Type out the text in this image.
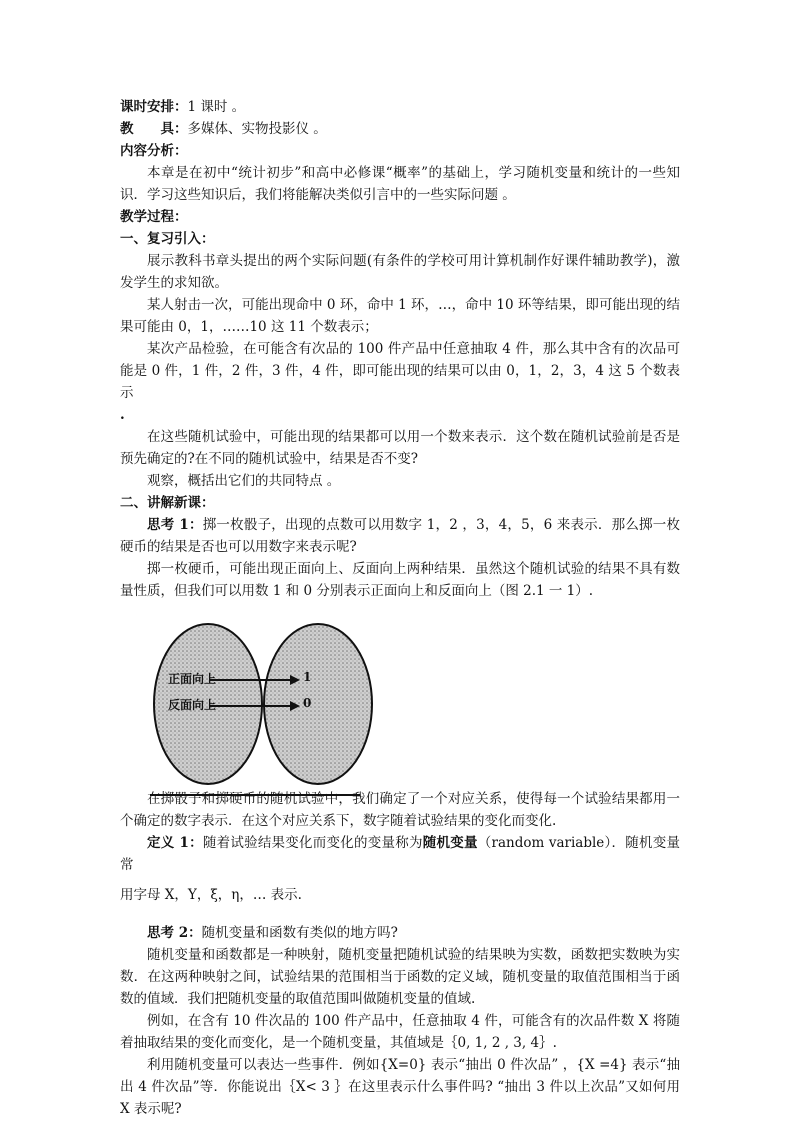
课时安排：1 课时 。
教　　具：多媒体、实物投影仪 。
内容分析：
本章是在初中“统计初步”和高中必修课“概率”的基础上，学习随机变量和统计的一些知识．学习这些知识后，我们将能解决类似引言中的一些实际问题 。
教学过程：
一、复习引入：
展示教科书章头提出的两个实际问题(有条件的学校可用计算机制作好课件辅助教学)，激发学生的求知欲。
某人射击一次，可能出现命中 0 环，命中 1 环，…，命中 10 环等结果，即可能出现的结果可能由 0，1，……10 这 11 个数表示；
某次产品检验，在可能含有次品的 100 件产品中任意抽取 4 件，那么其中含有的次品可能是 0 件，1 件，2 件，3 件，4 件，即可能出现的结果可以由 0，1，2，3，4 这 5 个数表示
.
在这些随机试验中，可能出现的结果都可以用一个数来表示．这个数在随机试验前是否是预先确定的?在不同的随机试验中，结果是否不变?
观察，概括出它们的共同特点 。
二、讲解新课：
思考 1：掷一枚骰子，出现的点数可以用数字 1，2 ，3，4，5，6 来表示．那么掷一枚硬币的结果是否也可以用数字来表示呢?
掷一枚硬币，可能出现正面向上、反面向上两种结果．虽然这个随机试验的结果不具有数量性质，但我们可以用数 1 和 0 分别表示正面向上和反面向上（图 2.1 一 1）.
正面向上
反面向上
1
0
在掷骰子和掷硬币的随机试验中，我们确定了一个对应关系，使得每一个试验结果都用一个确定的数字表示．在这个对应关系下，数字随着试验结果的变化而变化.
定义 1：随着试验结果变化而变化的变量称为随机变量（random variable）．随机变量常
用字母 X，Y，ξ，η，… 表示.
思考 2：随机变量和函数有类似的地方吗?
随机变量和函数都是一种映射，随机变量把随机试验的结果映为实数，函数把实数映为实数．在这两种映射之间，试验结果的范围相当于函数的定义域，随机变量的取值范围相当于函数的值域．我们把随机变量的取值范围叫做随机变量的值域.
例如，在含有 10 件次品的 100 件产品中，任意抽取 4 件，可能含有的次品件数 X 将随着抽取结果的变化而变化，是一个随机变量，其值域是｛0, 1, 2 , 3, 4｝.
利用随机变量可以表达一些事件．例如{X=0} 表示“抽出 0 件次品” ，{X =4} 表示“抽出 4 件次品”等．你能说出｛X< 3 ｝在这里表示什么事件吗? “抽出 3 件以上次品”又如何用 X 表示呢?
